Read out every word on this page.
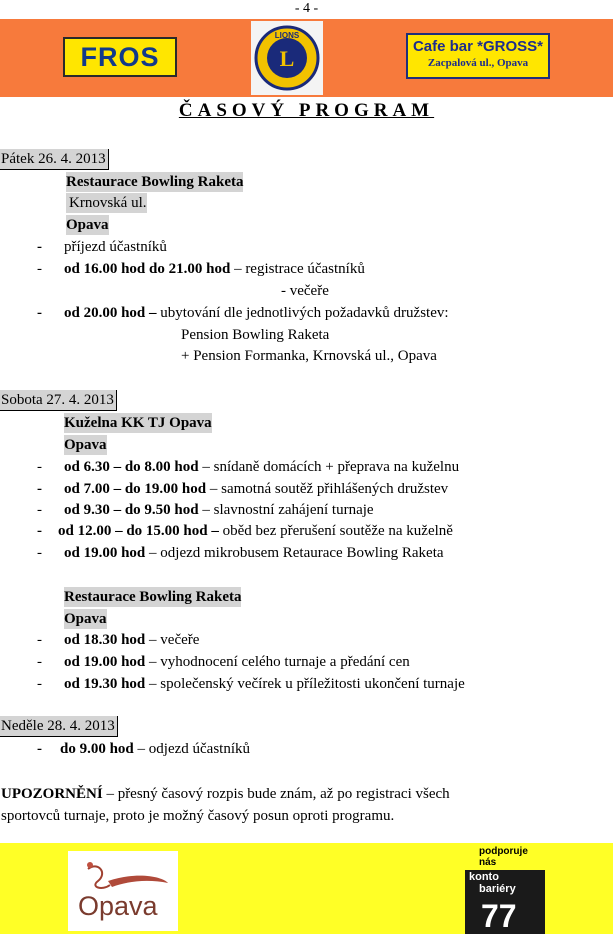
- 4 -
FROS	L
LIONS
Cafe bar *GROSS*
Zacpalová ul., Opava
ČASOVÝ PROGRAM
Pátek 26. 4. 2013
Restaurace Bowling Raketa
Krnovská ul.
Opava
- příjezd účastníků
- od 16.00 hod do 21.00 hod – registrace účastníků
- večeře
- od 20.00 hod – ubytování dle jednotlivých požadavků družstev:
Pension Bowling Raketa
+ Pension Formanka, Krnovská ul., Opava
Sobota 27. 4. 2013
Kuželna KK TJ Opava
Opava
- od 6.30 – do 8.00 hod – snídaně domácích + přeprava na kuželnu
- od 7.00 – do 19.00 hod – samotná soutěž přihlášených družstev
- od 9.30 – do 9.50 hod – slavnostní zahájení turnaje
- od 12.00 – do 15.00 hod – oběd bez přerušení soutěže na kuželně
- od 19.00 hod – odjezd mikrobusem Retaurace Bowling Raketa
Restaurace Bowling Raketa
Opava
- od 18.30 hod – večeře
- od 19.00 hod – vyhodnocení celého turnaje a předání cen
- od 19.30 hod – společenský večírek u příležitosti ukončení turnaje
Neděle 28. 4. 2013
- do 9.00 hod – odjezd účastníků
UPOZORNĚNÍ – přesný časový rozpis bude znám, až po registraci všech
sportovců turnaje, proto je možný časový posun oproti programu.
Opava
podporuje
nás
konto
bariéry
77
